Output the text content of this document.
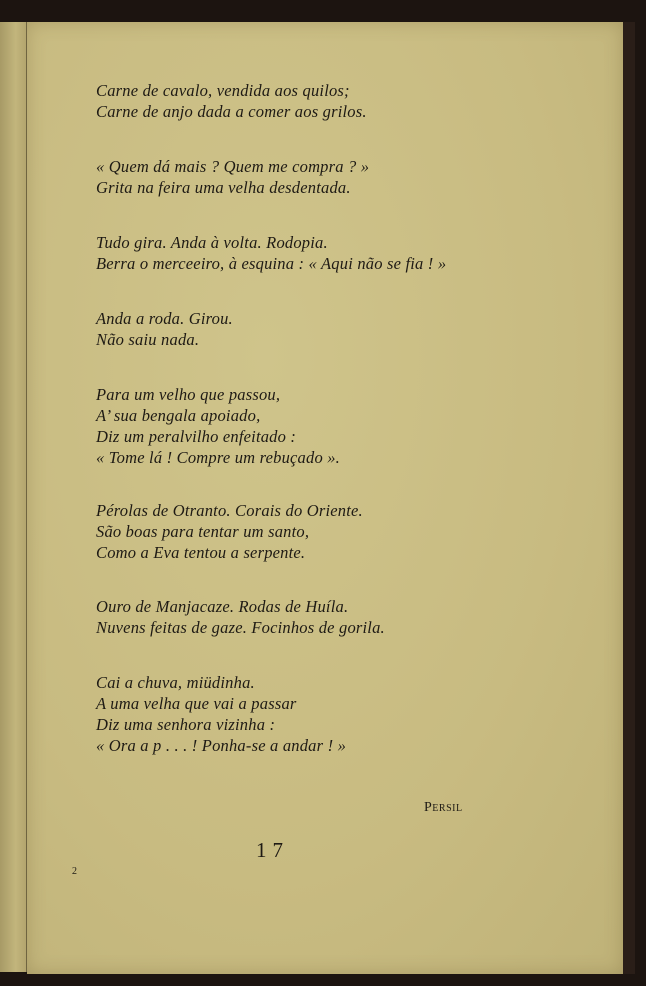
Carne de cavalo, vendida aos quilos;
Carne de anjo dada a comer aos grilos.
« Quem dá mais ? Quem me compra ? »
Grita na feira uma velha desdentada.
Tudo gira. Anda à volta. Rodopia.
Berra o merceeiro, à esquina : « Aqui não se fia ! »
Anda a roda. Girou.
Não saiu nada.
Para um velho que passou,
A’ sua bengala apoiado,
Diz um peralvilho enfeitado :
« Tome lá ! Compre um rebuçado ».
Pérolas de Otranto. Corais do Oriente.
São boas para tentar um santo,
Como a Eva tentou a serpente.
Ouro de Manjacaze. Rodas de Huíla.
Nuvens feitas de gaze. Focinhos de gorila.
Cai a chuva, miüdinha.
A uma velha que vai a passar
Diz uma senhora vizinha :
« Ora a p . . . ! Ponha-se a andar ! »
Persil
17
2
